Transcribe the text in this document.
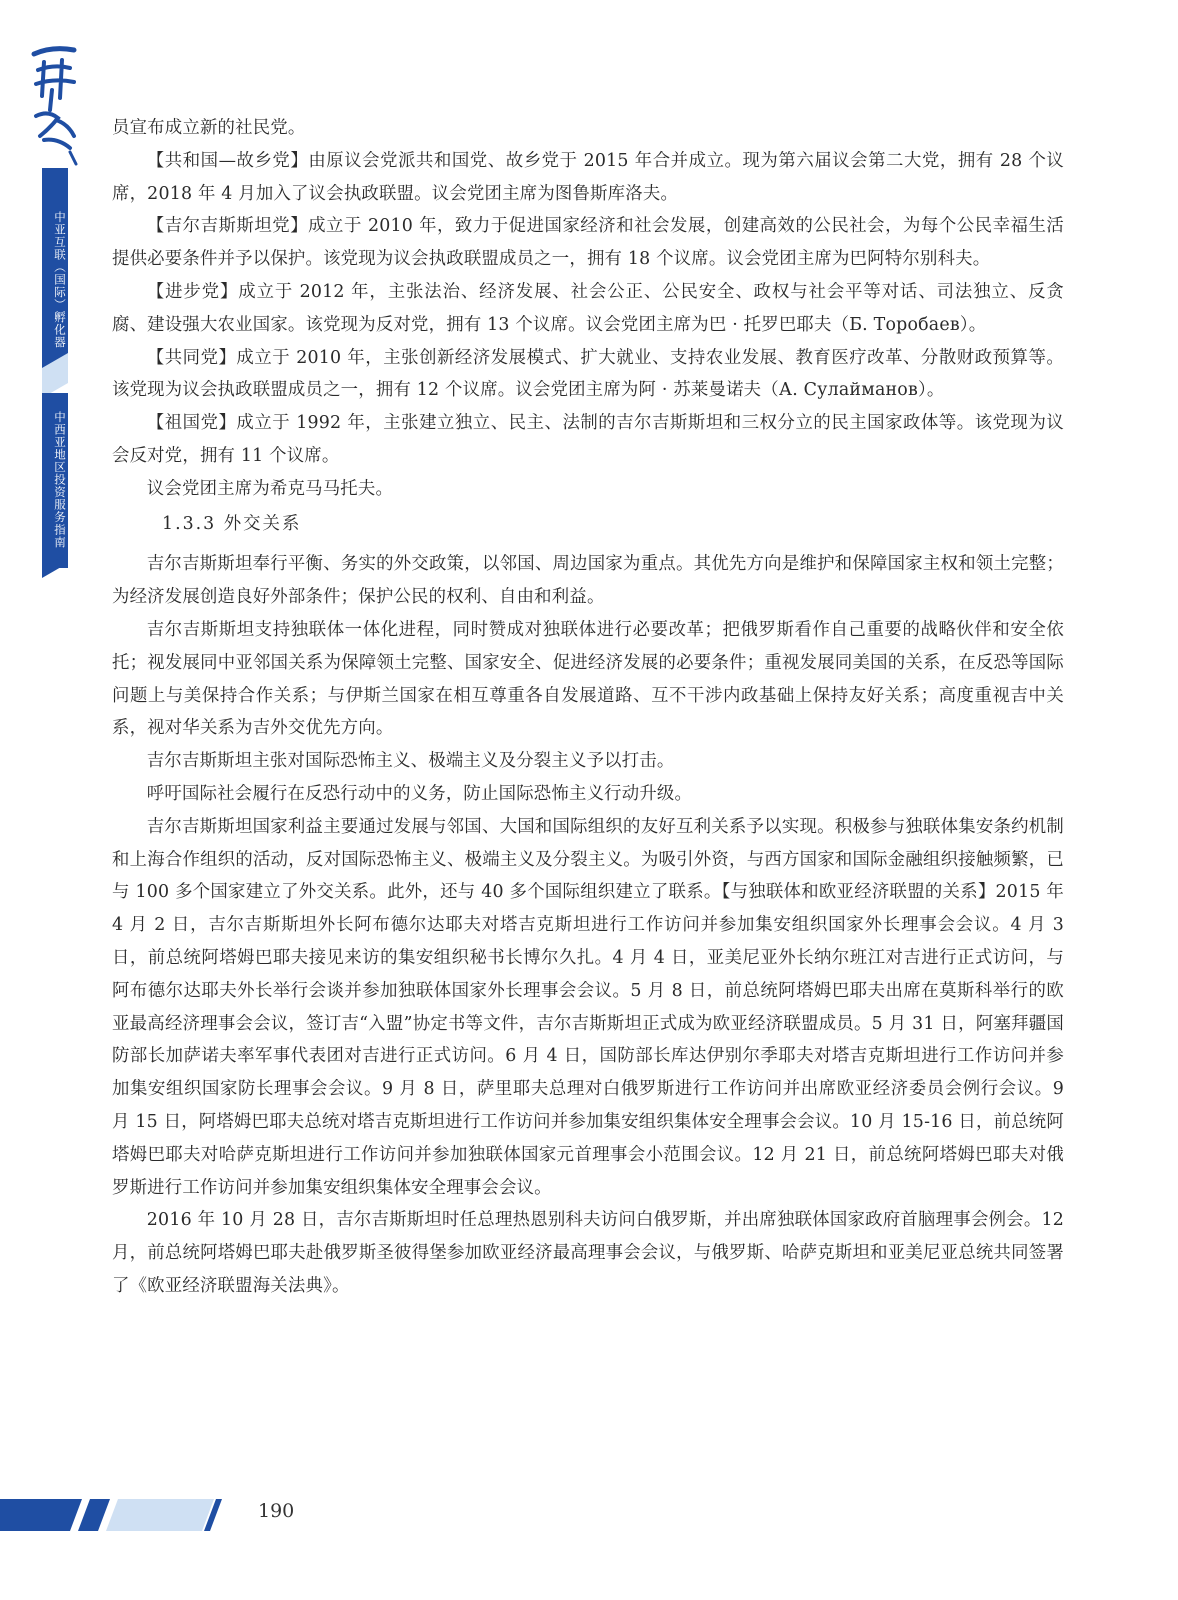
中亚互联（国际）孵化器
中西亚地区投资服务指南

员宣布成立新的社民党。

【共和国—故乡党】由原议会党派共和国党、故乡党于 2015 年合并成立。现为第六届议会第二大党，拥有 28 个议席，2018 年 4 月加入了议会执政联盟。议会党团主席为图鲁斯库洛夫。

【吉尔吉斯斯坦党】成立于 2010 年，致力于促进国家经济和社会发展，创建高效的公民社会，为每个公民幸福生活提供必要条件并予以保护。该党现为议会执政联盟成员之一，拥有 18 个议席。议会党团主席为巴阿特尔别科夫。

【进步党】成立于 2012 年，主张法治、经济发展、社会公正、公民安全、政权与社会平等对话、司法独立、反贪腐、建设强大农业国家。该党现为反对党，拥有 13 个议席。议会党团主席为巴 · 托罗巴耶夫（Б. Торобаев）。

【共同党】成立于 2010 年，主张创新经济发展模式、扩大就业、支持农业发展、教育医疗改革、分散财政预算等。该党现为议会执政联盟成员之一，拥有 12 个议席。议会党团主席为阿 · 苏莱曼诺夫（А. Сулайманов）。

【祖国党】成立于 1992 年，主张建立独立、民主、法制的吉尔吉斯斯坦和三权分立的民主国家政体等。该党现为议会反对党，拥有 11 个议席。

议会党团主席为希克马马托夫。

1.3.3 外交关系

吉尔吉斯斯坦奉行平衡、务实的外交政策，以邻国、周边国家为重点。其优先方向是维护和保障国家主权和领土完整；为经济发展创造良好外部条件；保护公民的权利、自由和利益。

吉尔吉斯斯坦支持独联体一体化进程，同时赞成对独联体进行必要改革；把俄罗斯看作自己重要的战略伙伴和安全依托；视发展同中亚邻国关系为保障领土完整、国家安全、促进经济发展的必要条件；重视发展同美国的关系，在反恐等国际问题上与美保持合作关系；与伊斯兰国家在相互尊重各自发展道路、互不干涉内政基础上保持友好关系；高度重视吉中关系，视对华关系为吉外交优先方向。

吉尔吉斯斯坦主张对国际恐怖主义、极端主义及分裂主义予以打击。

呼吁国际社会履行在反恐行动中的义务，防止国际恐怖主义行动升级。

吉尔吉斯斯坦国家利益主要通过发展与邻国、大国和国际组织的友好互利关系予以实现。积极参与独联体集安条约机制和上海合作组织的活动，反对国际恐怖主义、极端主义及分裂主义。为吸引外资，与西方国家和国际金融组织接触频繁，已与 100 多个国家建立了外交关系。此外，还与 40 多个国际组织建立了联系。【与独联体和欧亚经济联盟的关系】2015 年 4 月 2 日，吉尔吉斯斯坦外长阿布德尔达耶夫对塔吉克斯坦进行工作访问并参加集安组织国家外长理事会会议。4 月 3 日，前总统阿塔姆巴耶夫接见来访的集安组织秘书长博尔久扎。4 月 4 日，亚美尼亚外长纳尔班江对吉进行正式访问，与阿布德尔达耶夫外长举行会谈并参加独联体国家外长理事会会议。5 月 8 日，前总统阿塔姆巴耶夫出席在莫斯科举行的欧亚最高经济理事会会议，签订吉“入盟”协定书等文件，吉尔吉斯斯坦正式成为欧亚经济联盟成员。5 月 31 日，阿塞拜疆国防部长加萨诺夫率军事代表团对吉进行正式访问。6 月 4 日，国防部长库达伊别尔季耶夫对塔吉克斯坦进行工作访问并参加集安组织国家防长理事会会议。9 月 8 日，萨里耶夫总理对白俄罗斯进行工作访问并出席欧亚经济委员会例行会议。9 月 15 日，阿塔姆巴耶夫总统对塔吉克斯坦进行工作访问并参加集安组织集体安全理事会会议。10 月 15-16 日，前总统阿塔姆巴耶夫对哈萨克斯坦进行工作访问并参加独联体国家元首理事会小范围会议。12 月 21 日，前总统阿塔姆巴耶夫对俄罗斯进行工作访问并参加集安组织集体安全理事会会议。

2016 年 10 月 28 日，吉尔吉斯斯坦时任总理热恩别科夫访问白俄罗斯，并出席独联体国家政府首脑理事会例会。12 月，前总统阿塔姆巴耶夫赴俄罗斯圣彼得堡参加欧亚经济最高理事会会议，与俄罗斯、哈萨克斯坦和亚美尼亚总统共同签署了《欧亚经济联盟海关法典》。

190
